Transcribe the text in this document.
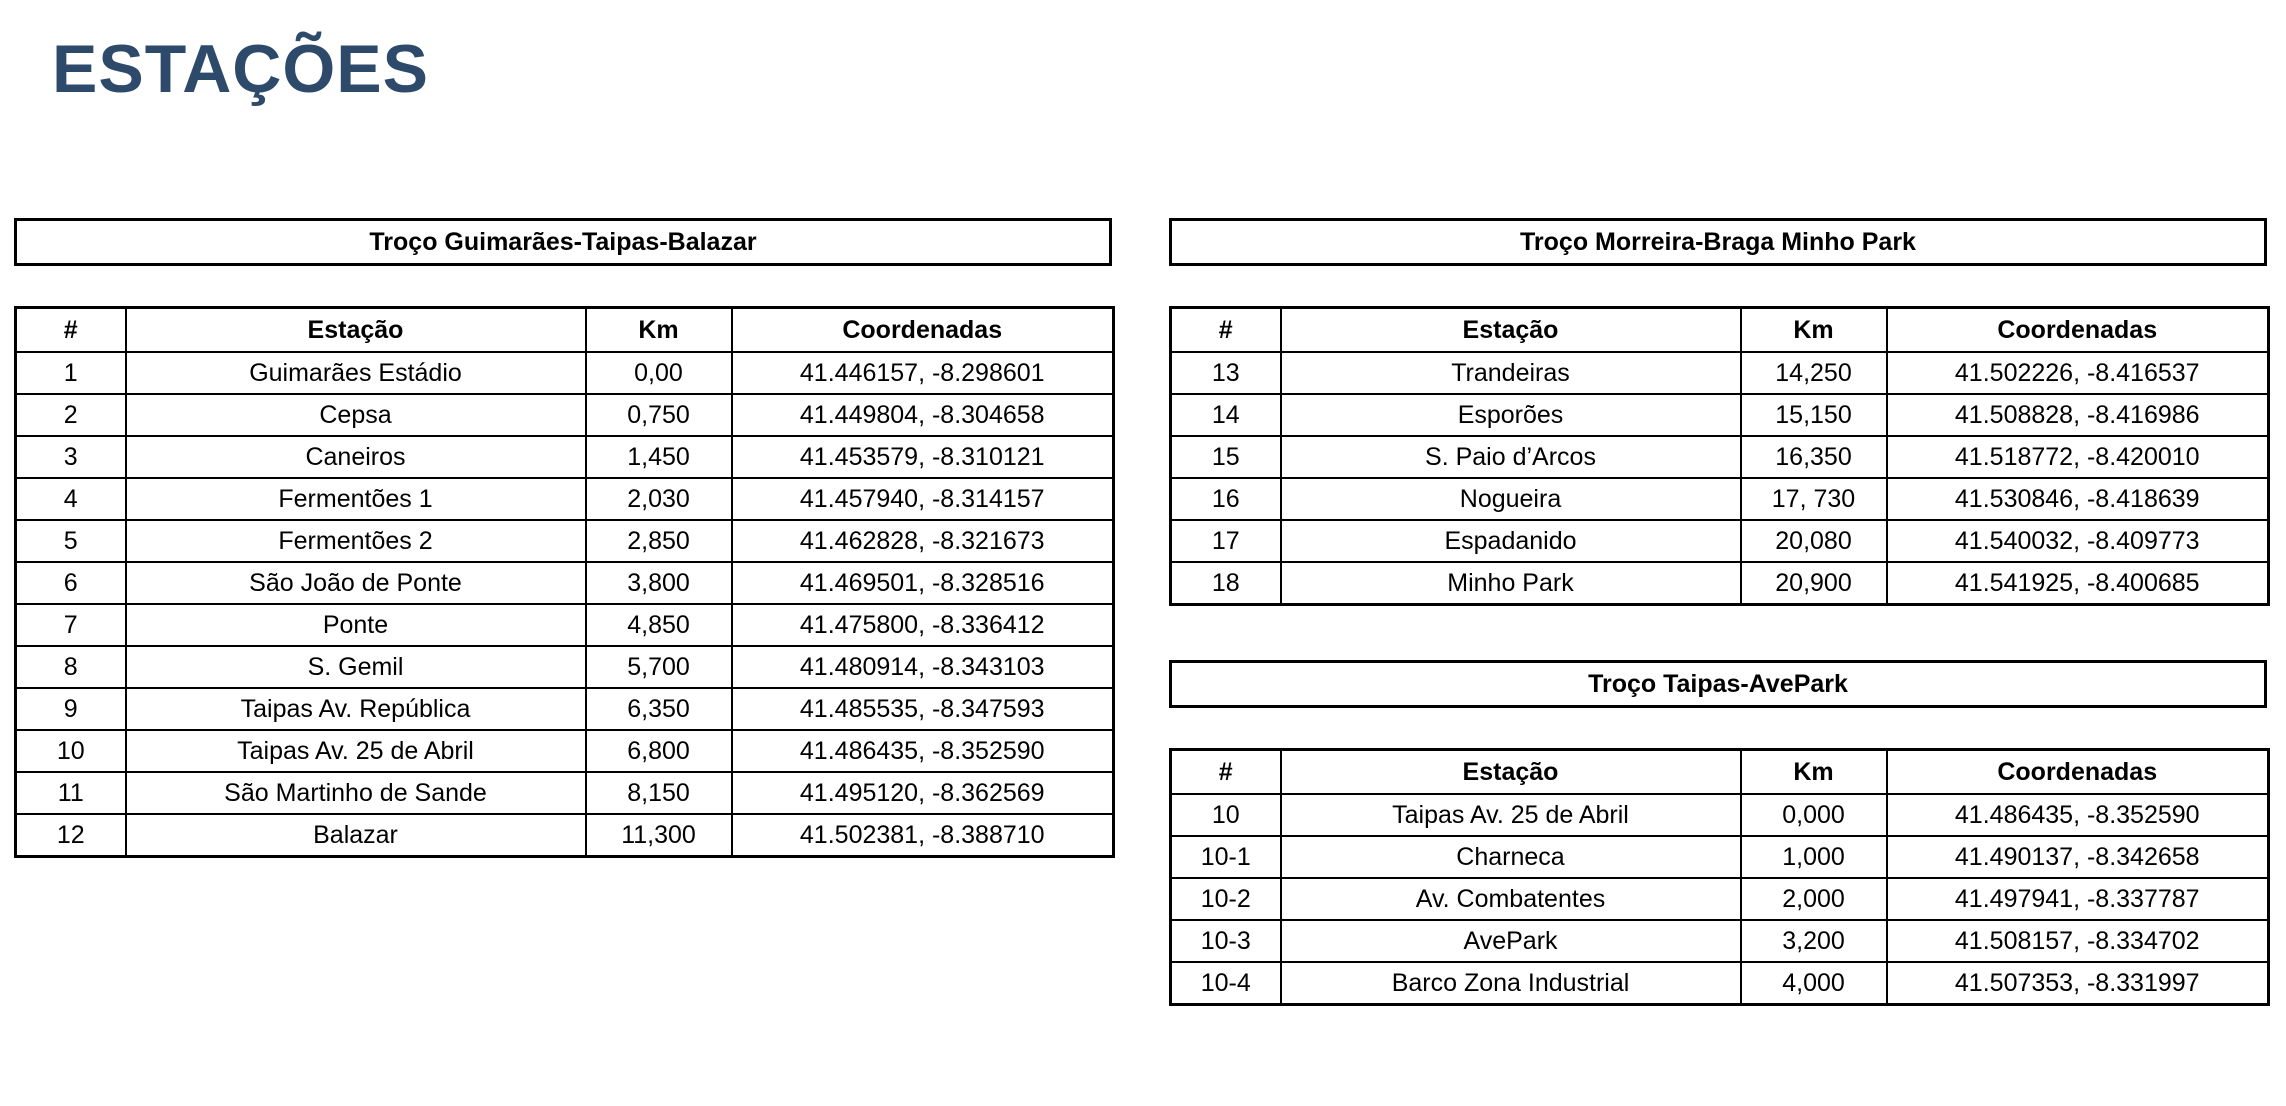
ESTAÇÕES
Troço Guimarães-Taipas-Balazar
#	Estação	Km	Coordenadas
1	Guimarães Estádio	0,00	41.446157, -8.298601
2	Cepsa	0,750	41.449804, -8.304658
3	Caneiros	1,450	41.453579, -8.310121
4	Fermentões 1	2,030	41.457940, -8.314157
5	Fermentões 2	2,850	41.462828, -8.321673
6	São João de Ponte	3,800	41.469501, -8.328516
7	Ponte	4,850	41.475800, -8.336412
8	S. Gemil	5,700	41.480914, -8.343103
9	Taipas Av. República	6,350	41.485535, -8.347593
10	Taipas Av. 25 de Abril	6,800	41.486435, -8.352590
11	São Martinho de Sande	8,150	41.495120, -8.362569
12	Balazar	11,300	41.502381, -8.388710
Troço Morreira-Braga Minho Park
#	Estação	Km	Coordenadas
13	Trandeiras	14,250	41.502226, -8.416537
14	Esporões	15,150	41.508828, -8.416986
15	S. Paio d’Arcos	16,350	41.518772, -8.420010
16	Nogueira	17, 730	41.530846, -8.418639
17	Espadanido	20,080	41.540032, -8.409773
18	Minho Park	20,900	41.541925, -8.400685
Troço Taipas-AvePark
#	Estação	Km	Coordenadas
10	Taipas Av. 25 de Abril	0,000	41.486435, -8.352590
10-1	Charneca	1,000	41.490137, -8.342658
10-2	Av. Combatentes	2,000	41.497941, -8.337787
10-3	AvePark	3,200	41.508157, -8.334702
10-4	Barco Zona Industrial	4,000	41.507353, -8.331997
